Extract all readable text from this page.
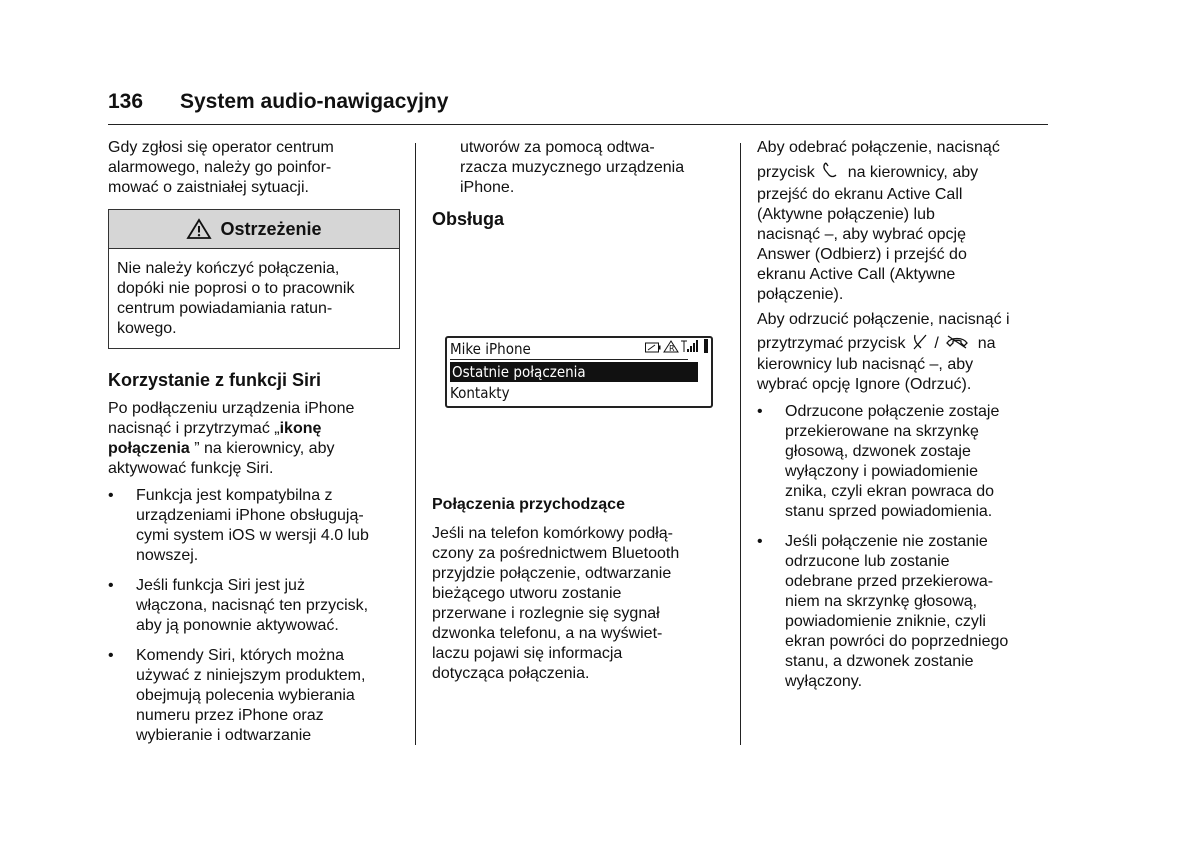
136 System audio-nawigacyjny
Gdy zgłosi się operator centrum
alarmowego, należy go poinfor-
mować o zaistniałej sytuacji.
Ostrzeżenie
Nie należy kończyć połączenia,
dopóki nie poprosi o to pracownik
centrum powiadamiania ratun-
kowego.
Korzystanie z funkcji Siri
Po podłączeniu urządzenia iPhone
nacisnąć i przytrzymać „ikonę
połączenia ” na kierownicy, aby
aktywować funkcję Siri.
• Funkcja jest kompatybilna z
urządzeniami iPhone obsługują-
cymi system iOS w wersji 4.0 lub
nowszej.
• Jeśli funkcja Siri jest już
włączona, nacisnąć ten przycisk,
aby ją ponownie aktywować.
• Komendy Siri, których można
używać z niniejszym produktem,
obejmują polecenia wybierania
numeru przez iPhone oraz
wybieranie i odtwarzanie
utworów za pomocą odtwa-
rzacza muzycznego urządzenia
iPhone.
Obsługa
Mike iPhone	R
Ostatnie połączenia
Kontakty
Połączenia przychodzące
Jeśli na telefon komórkowy podłą-
czony za pośrednictwem Bluetooth
przyjdzie połączenie, odtwarzanie
bieżącego utworu zostanie
przerwane i rozlegnie się sygnał
dzwonka telefonu, a na wyświet-
laczu pojawi się informacja
dotycząca połączenia.
Aby odebrać połączenie, nacisnąć
przycisk na kierownicy, aby
przejść do ekranu Active Call
(Aktywne połączenie) lub
nacisnąć –, aby wybrać opcję
Answer (Odbierz) i przejść do
ekranu Active Call (Aktywne
połączenie).
Aby odrzucić połączenie, nacisnąć i
przytrzymać przycisk / na
kierownicy lub nacisnąć –, aby
wybrać opcję Ignore (Odrzuć).
• Odrzucone połączenie zostaje
przekierowane na skrzynkę
głosową, dzwonek zostaje
wyłączony i powiadomienie
znika, czyli ekran powraca do
stanu sprzed powiadomienia.
• Jeśli połączenie nie zostanie
odrzucone lub zostanie
odebrane przed przekierowa-
niem na skrzynkę głosową,
powiadomienie zniknie, czyli
ekran powróci do poprzedniego
stanu, a dzwonek zostanie
wyłączony.
